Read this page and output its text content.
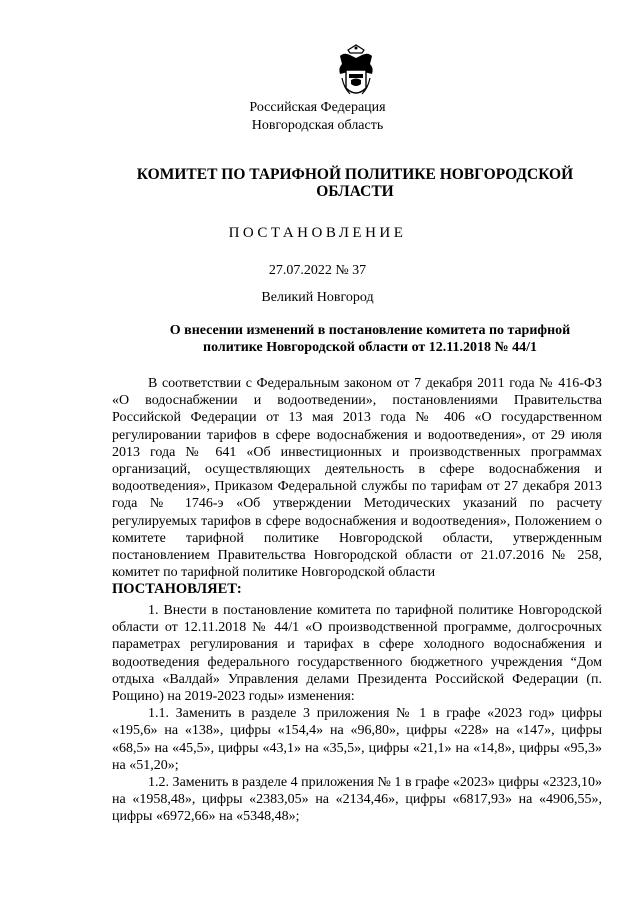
Российская Федерация
Новгородская область
КОМИТЕТ ПО ТАРИФНОЙ ПОЛИТИКЕ НОВГОРОДСКОЙ
ОБЛАСТИ
ПОСТАНОВЛЕНИЕ
27.07.2022 № 37
Великий Новгород
О внесении изменений в постановление комитета по тарифной
политике Новгородской области от 12.11.2018 № 44/1

В соответствии с Федеральным законом от 7 декабря 2011 года № 416-ФЗ «О водоснабжении и водоотведении», постановлениями Правительства Российской Федерации от 13 мая 2013 года № 406 «О государственном регулировании тарифов в сфере водоснабжения и водоотведения», от 29 июля 2013 года № 641 «Об инвестиционных и производственных программах организаций, осуществляющих деятельность в сфере водоснабжения и водоотведения», Приказом Федеральной службы по тарифам от 27 декабря 2013 года № 1746-э «Об утверждении Методических указаний по расчету регулируемых тарифов в сфере водоснабжения и водоотведения», Положением о комитете тарифной политике Новгородской области, утвержденным постановлением Правительства Новгородской области от 21.07.2016 № 258, комитет по тарифной политике Новгородской области

ПОСТАНОВЛЯЕТ:

1. Внести в постановление комитета по тарифной политике Новгородской области от 12.11.2018 № 44/1 «О производственной программе, долгосрочных параметрах регулирования и тарифах в сфере холодного водоснабжения и водоотведения федерального государственного бюджетного учреждения “Дом отдыха «Валдай» Управления делами Президента Российской Федерации (п. Рощино) на 2019-2023 годы» изменения:

1.1. Заменить в разделе 3 приложения № 1 в графе «2023 год» цифры «195,6» на «138», цифры «154,4» на «96,80», цифры «228» на «147», цифры «68,5» на «45,5», цифры «43,1» на «35,5», цифры «21,1» на «14,8», цифры «95,3» на «51,20»;

1.2. Заменить в разделе 4 приложения № 1 в графе «2023» цифры «2323,10» на «1958,48», цифры «2383,05» на «2134,46», цифры «6817,93» на «4906,55», цифры «6972,66» на «5348,48»;
